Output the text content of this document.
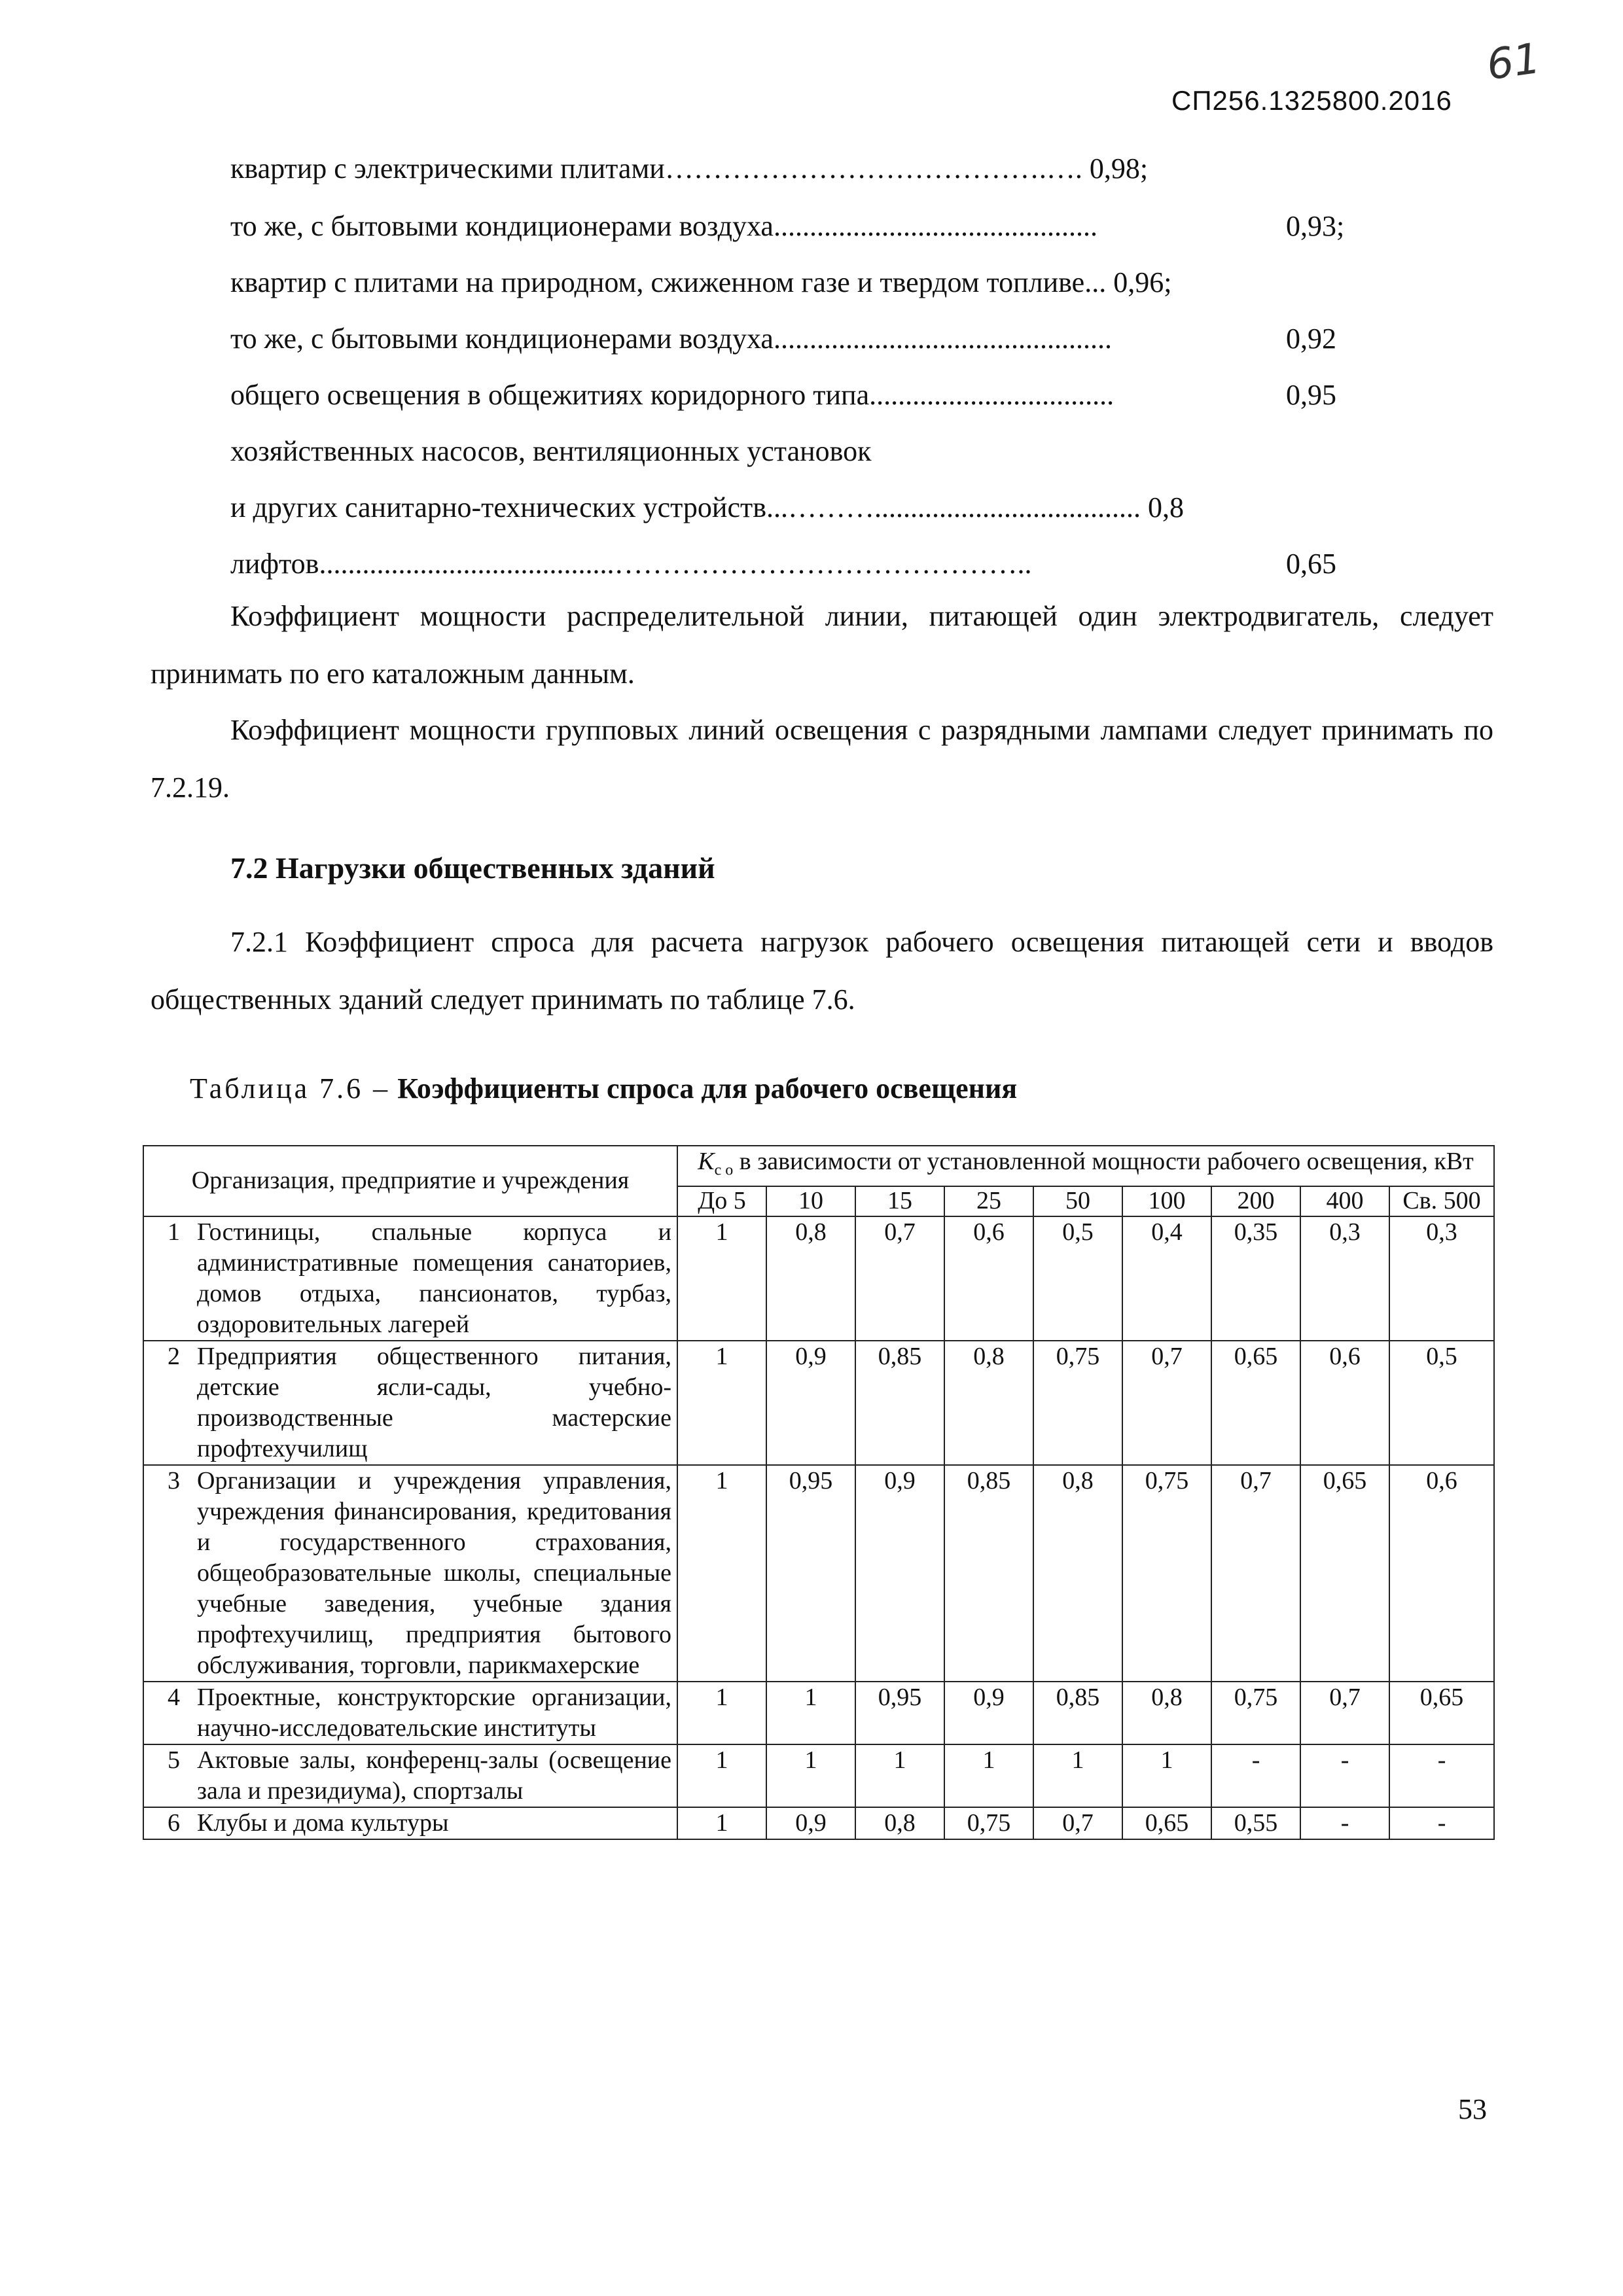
61
СП256.1325800.2016
квартир с электрическими плитами………………………………….…. 0,98;
то же, с бытовыми кондиционерами воздуха.............................................	0,93;
квартир с плитами на природном, сжиженном газе и твердом топливе... 0,96;
то же, с бытовыми кондиционерами воздуха...............................................	0,92
общего освещения в общежитиях коридорного типа..................................	0,95
хозяйственных насосов, вентиляционных установок
и других санитарно-технических устройств...………..................................... 0,8
лифтов.........................................……………………………………..	0,65
Коэффициент мощности распределительной линии, питающей один электродвигатель, следует принимать по его каталожным данным.
Коэффициент мощности групповых линий освещения с разрядными лампами следует принимать по 7.2.19.
7.2 Нагрузки общественных зданий
7.2.1 Коэффициент спроса для расчета нагрузок рабочего освещения питающей сети и вводов общественных зданий следует принимать по таблице 7.6.
Таблица 7.6 – Коэффициенты спроса для рабочего освещения
Организация, предприятие и учреждения		$K_{с о}$ в зависимости от установленной мощности рабочего освещения, кВт								
		До 5	10	15	25	50	100	200	400	Св. 500
1	Гостиницы, спальные корпуса и административные помещения санаториев, домов отдыха, пансионатов, турбаз, оздоровительных лагерей	1	0,8	0,7	0,6	0,5	0,4	0,35	0,3	0,3
2	Предприятия общественного питания, детские ясли-сады, учебно-производственные мастерские профтехучилищ	1	0,9	0,85	0,8	0,75	0,7	0,65	0,6	0,5
3	Организации и учреждения управления, учреждения финансирования, кредитования и государственного страхования, общеобразовательные школы, специальные учебные заведения, учебные здания профтехучилищ, предприятия бытового обслуживания, торговли, парикмахерские	1	0,95	0,9	0,85	0,8	0,75	0,7	0,65	0,6
4	Проектные, конструкторские организации, научно-исследовательские институты	1	1	0,95	0,9	0,85	0,8	0,75	0,7	0,65
5	Актовые залы, конференц-залы (освещение зала и президиума), спортзалы	1	1	1	1	1	1	-	-	-
6	Клубы и дома культуры	1	0,9	0,8	0,75	0,7	0,65	0,55	-	-
53
